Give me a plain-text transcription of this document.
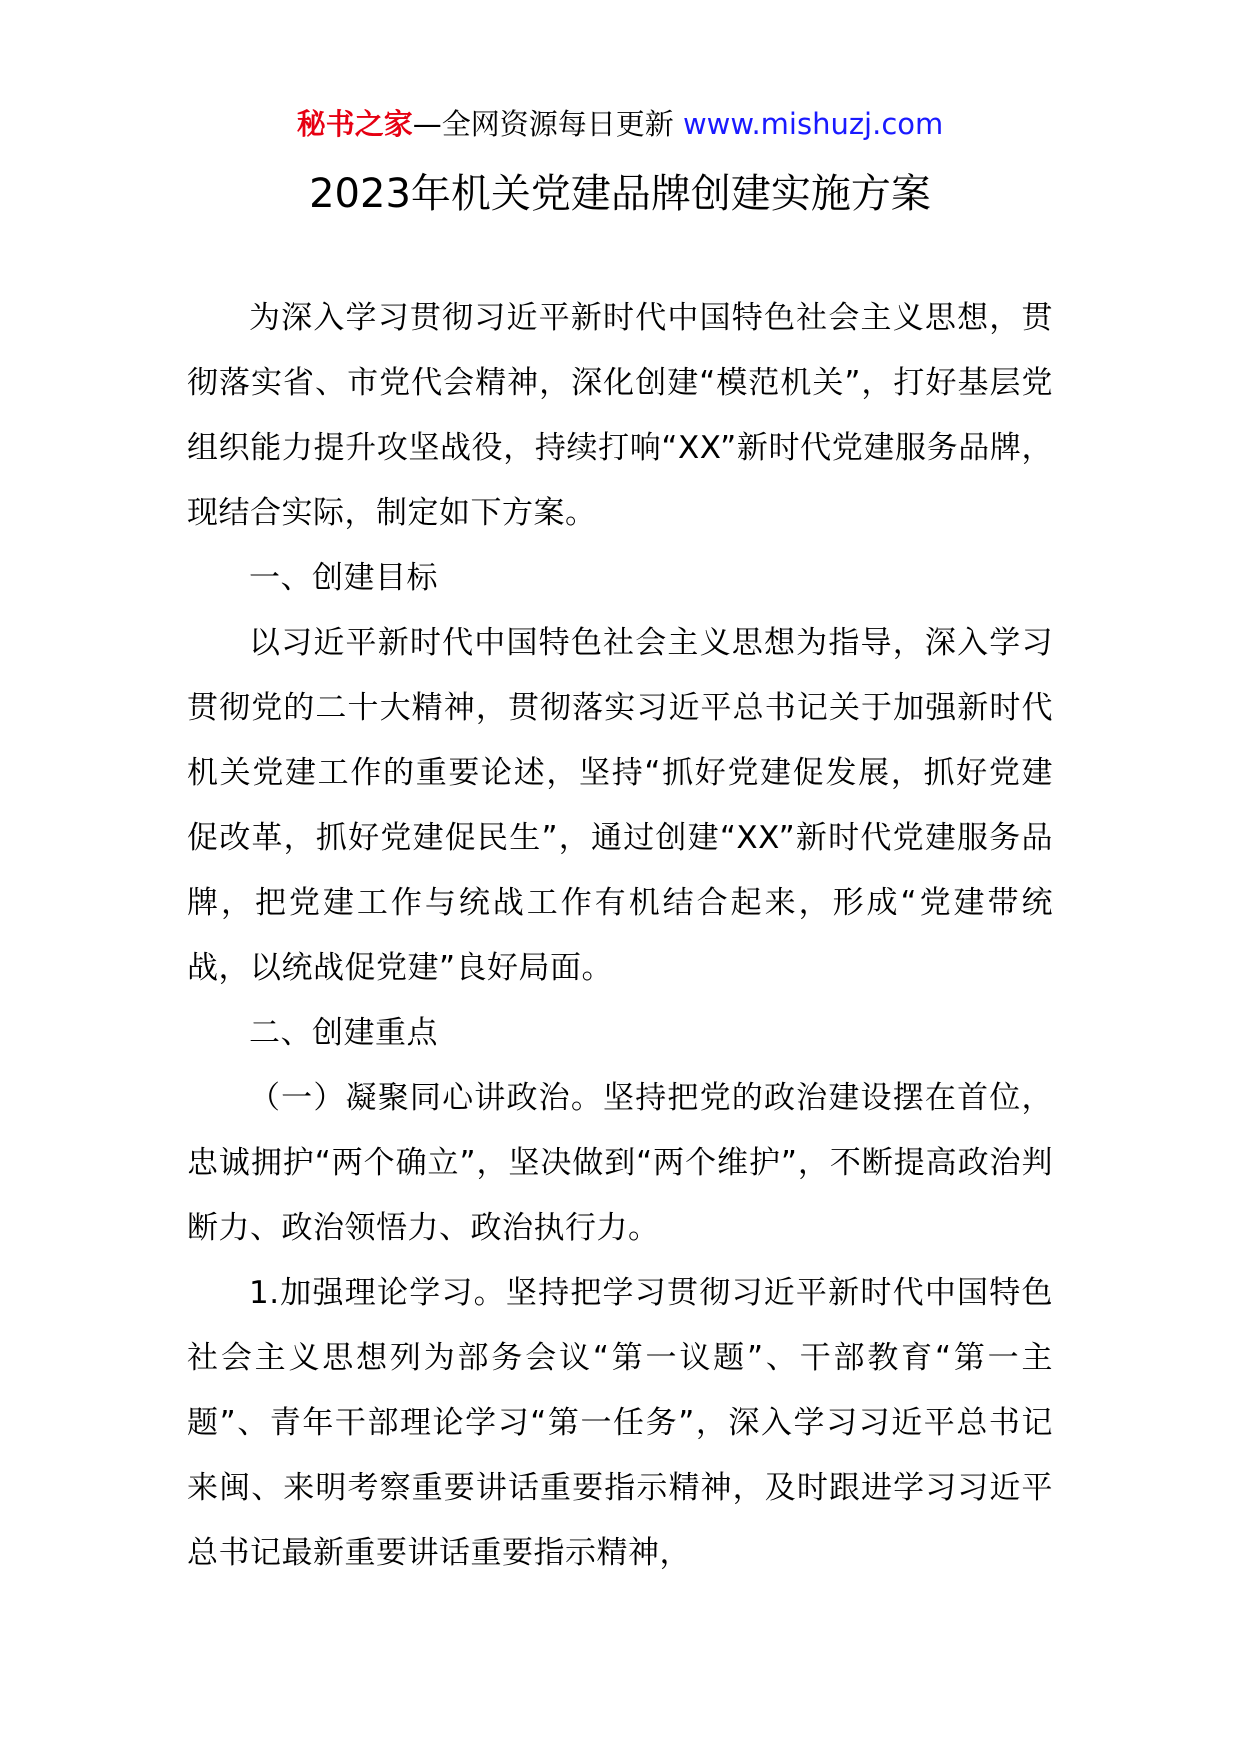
秘书之家—全网资源每日更新 www.mishuzj.com
2023年机关党建品牌创建实施方案

为深入学习贯彻习近平新时代中国特色社会主义思想，贯彻落实省、市党代会精神，深化创建“模范机关”，打好基层党组织能力提升攻坚战役，持续打响“XX”新时代党建服务品牌，现结合实际，制定如下方案。

一、创建目标

以习近平新时代中国特色社会主义思想为指导，深入学习贯彻党的二十大精神，贯彻落实习近平总书记关于加强新时代机关党建工作的重要论述，坚持“抓好党建促发展，抓好党建促改革，抓好党建促民生”，通过创建“XX”新时代党建服务品牌，把党建工作与统战工作有机结合起来，形成“党建带统战，以统战促党建”良好局面。

二、创建重点

（一）凝聚同心讲政治。坚持把党的政治建设摆在首位，忠诚拥护“两个确立”，坚决做到“两个维护”，不断提高政治判断力、政治领悟力、政治执行力。

1.加强理论学习。坚持把学习贯彻习近平新时代中国特色社会主义思想列为部务会议“第一议题”、干部教育“第一主题”、青年干部理论学习“第一任务”，深入学习习近平总书记来闽、来明考察重要讲话重要指示精神，及时跟进学习习近平总书记最新重要讲话重要指示精神，
